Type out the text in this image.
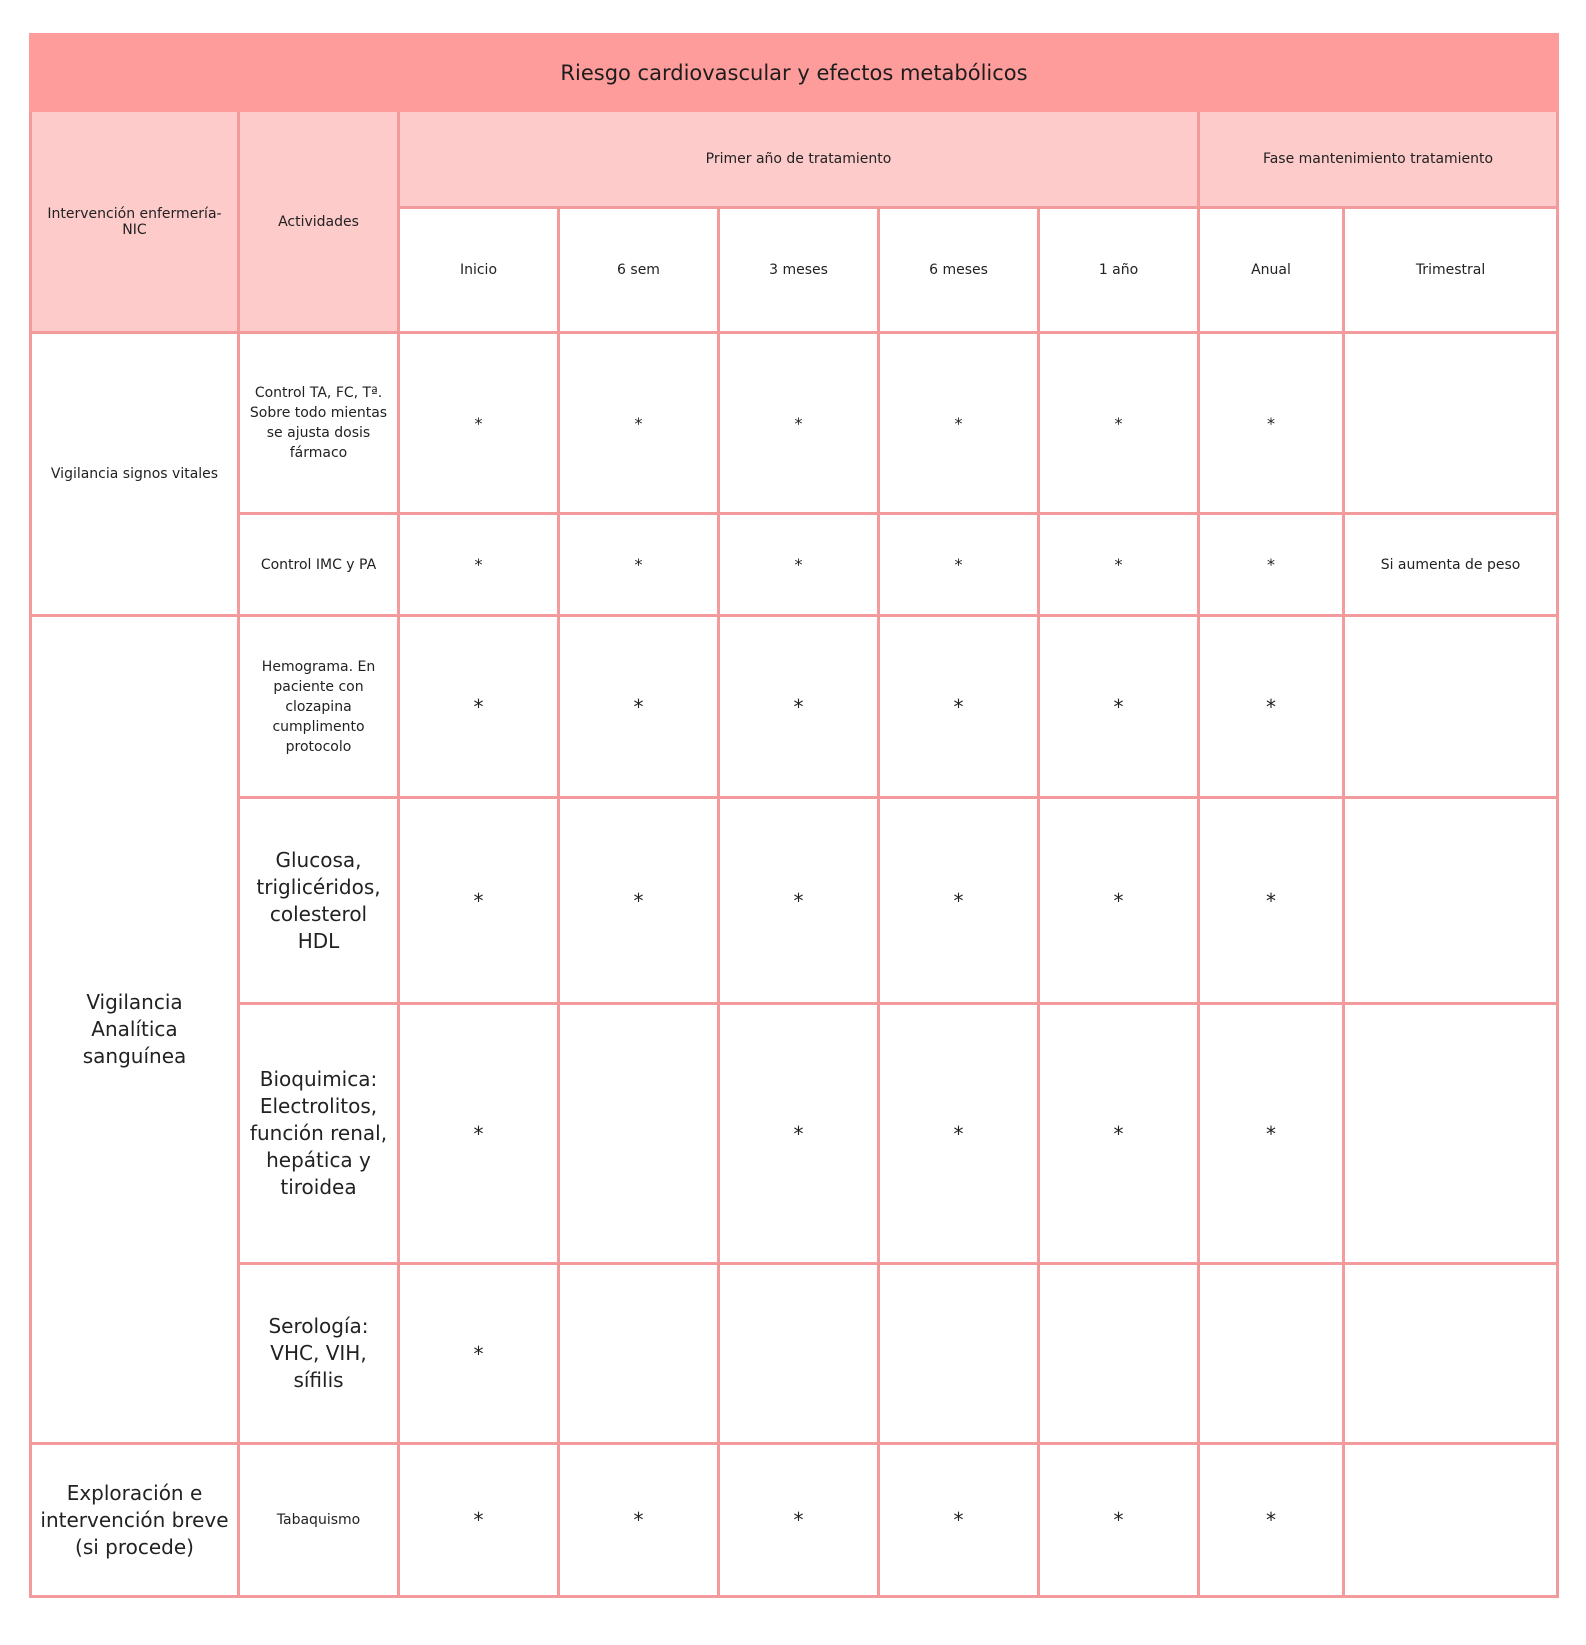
Riesgo cardiovascular y efectos metabólicos								
Intervención enfermería-NIC	Actividades	Primer año de tratamiento					Fase mantenimiento tratamiento	
		Inicio	6 sem	3 meses	6 meses	1 año	Anual	Trimestral
Vigilancia signos vitales	Control TA, FC, Tª. Sobre todo mientas se ajusta dosis fármaco	*	*	*	*	*	*	
	Control IMC y PA	*	*	*	*	*	*	Si aumenta de peso
Vigilancia Analítica sanguínea	Hemograma. En paciente con clozapina cumplimento protocolo	*	*	*	*	*	*	
	Glucosa, triglicéridos, colesterol HDL	*	*	*	*	*	*	
	Bioquimica: Electrolitos, función renal, hepática y tiroidea	*		*	*	*	*	
	Serología: VHC, VIH, sífilis	*						
Exploración e intervención breve (si procede)	Tabaquismo	*	*	*	*	*	*	
